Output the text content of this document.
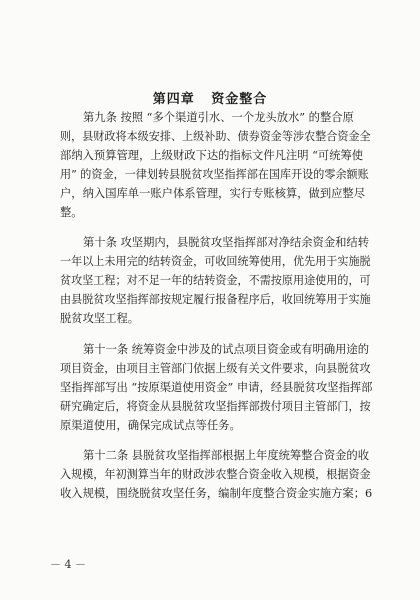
第四章   资金整合
第九条 按照 “多个渠道引水、一个龙头放水” 的整合原
则，县财政将本级安排、上级补助、债券资金等涉农整合资金全
部纳入预算管理，上级财政下达的指标文件凡注明 “可统筹使
用” 的资金，一律划转县脱贫攻坚指挥部在国库开设的零余额账
户，纳入国库单一账户体系管理，实行专账核算，做到应整尽
整。
第十条 攻坚期内，县脱贫攻坚指挥部对净结余资金和结转
一年以上未用完的结转资金，可收回统筹使用，优先用于实施脱
贫攻坚工程；对不足一年的结转资金，不需按原用途使用的，可
由县脱贫攻坚指挥部按规定履行报备程序后，收回统筹用于实施
脱贫攻坚工程。
第十一条 统筹资金中涉及的试点项目资金或有明确用途的
项目资金，由项目主管部门依据上级有关文件要求，向县脱贫攻
坚指挥部写出 “按原渠道使用资金” 申请，经县脱贫攻坚指挥部
研究确定后，将资金从县脱贫攻坚指挥部拨付项目主管部门，按
原渠道使用，确保完成试点等任务。
第十二条 县脱贫攻坚指挥部根据上年度统筹整合资金的收
入规模，年初测算当年的财政涉农整合资金收入规模，根据资金
收入规模，围绕脱贫攻坚任务，编制年度整合资金实施方案；6
－ 4 －
